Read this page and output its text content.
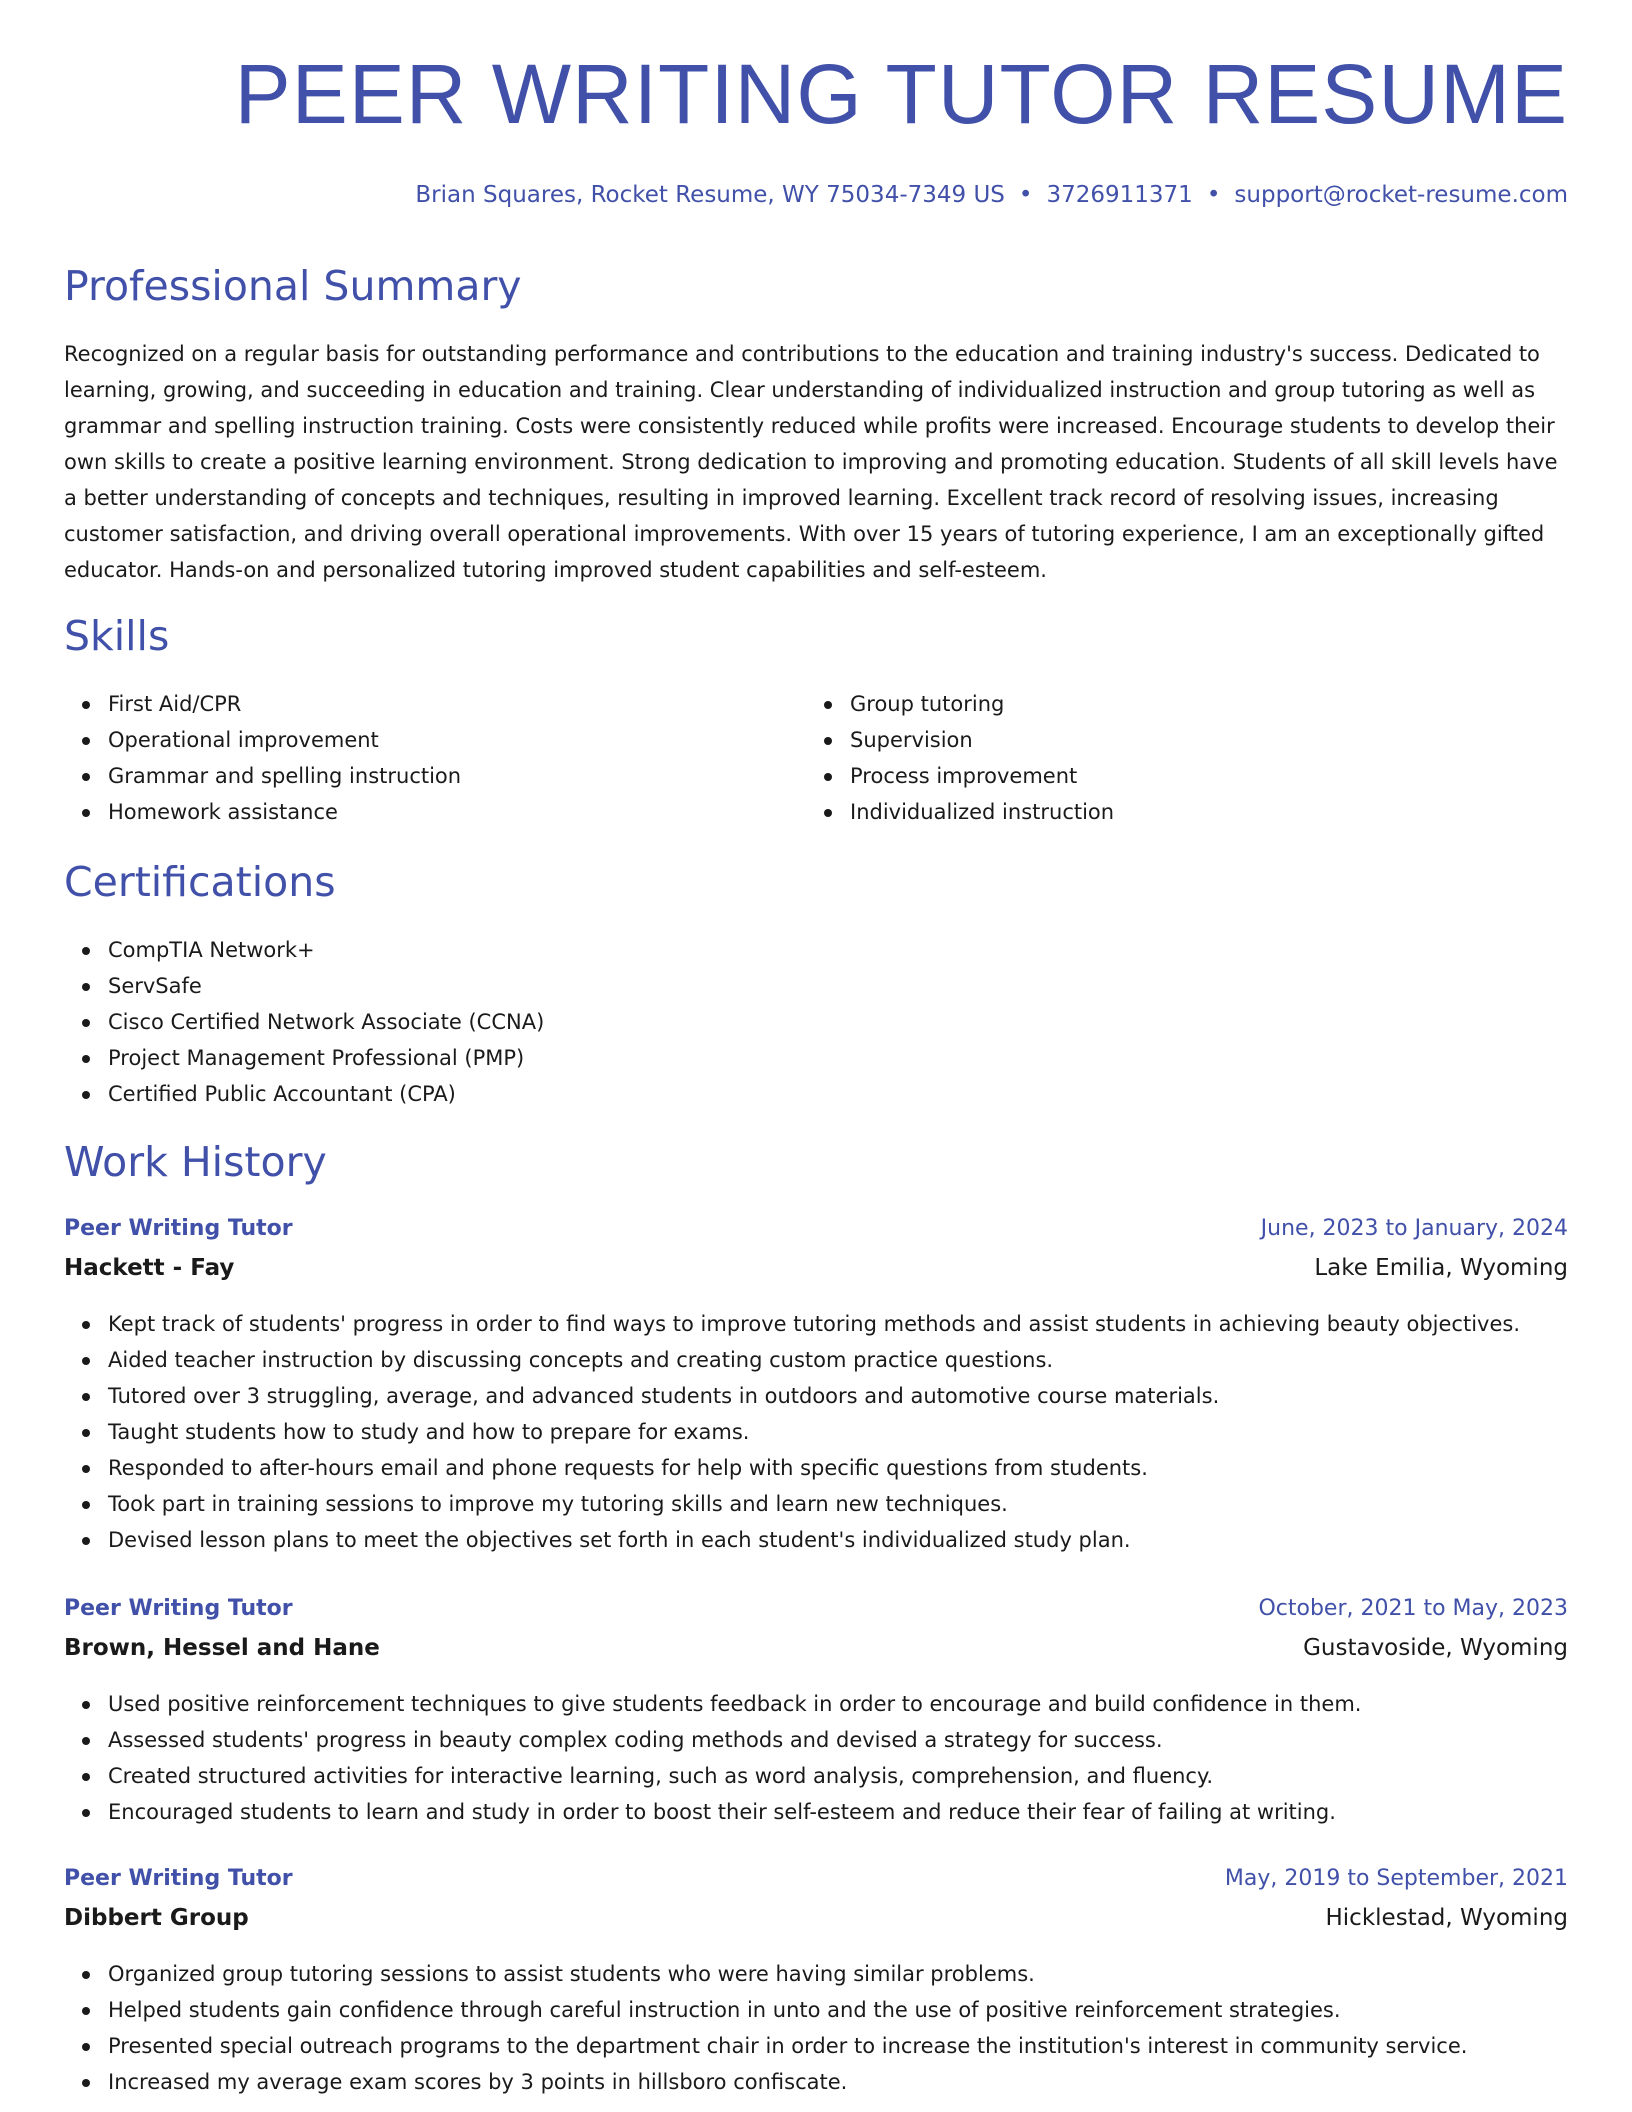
PEER WRITING TUTOR RESUME
Brian Squares, Rocket Resume, WY 75034-7349 US • 3726911371 • support@rocket-resume.com
Professional Summary

Recognized on a regular basis for outstanding performance and contributions to the education and training industry's success. Dedicated to learning, growing, and succeeding in education and training. Clear understanding of individualized instruction and group tutoring as well as grammar and spelling instruction training. Costs were consistently reduced while profits were increased. Encourage students to develop their own skills to create a positive learning environment. Strong dedication to improving and promoting education. Students of all skill levels have a better understanding of concepts and techniques, resulting in improved learning. Excellent track record of resolving issues, increasing customer satisfaction, and driving overall operational improvements. With over 15 years of tutoring experience, I am an exceptionally gifted educator. Hands-on and personalized tutoring improved student capabilities and self-esteem.

Skills
First Aid/CPR
Operational improvement
Grammar and spelling instruction
Homework assistance
Group tutoring
Supervision
Process improvement
Individualized instruction
Certifications
CompTIA Network+
ServSafe
Cisco Certified Network Associate (CCNA)
Project Management Professional (PMP)
Certified Public Accountant (CPA)
Work History
Peer Writing Tutor	June, 2023 to January, 2024
Hackett - Fay	Lake Emilia, Wyoming
Kept track of students' progress in order to find ways to improve tutoring methods and assist students in achieving beauty objectives.
Aided teacher instruction by discussing concepts and creating custom practice questions.
Tutored over 3 struggling, average, and advanced students in outdoors and automotive course materials.
Taught students how to study and how to prepare for exams.
Responded to after-hours email and phone requests for help with specific questions from students.
Took part in training sessions to improve my tutoring skills and learn new techniques.
Devised lesson plans to meet the objectives set forth in each student's individualized study plan.
Peer Writing Tutor	October, 2021 to May, 2023
Brown, Hessel and Hane	Gustavoside, Wyoming
Used positive reinforcement techniques to give students feedback in order to encourage and build confidence in them.
Assessed students' progress in beauty complex coding methods and devised a strategy for success.
Created structured activities for interactive learning, such as word analysis, comprehension, and fluency.
Encouraged students to learn and study in order to boost their self-esteem and reduce their fear of failing at writing.
Peer Writing Tutor	May, 2019 to September, 2021
Dibbert Group	Hicklestad, Wyoming
Organized group tutoring sessions to assist students who were having similar problems.
Helped students gain confidence through careful instruction in unto and the use of positive reinforcement strategies.
Presented special outreach programs to the department chair in order to increase the institution's interest in community service.
Increased my average exam scores by 3 points in hillsboro confiscate.
